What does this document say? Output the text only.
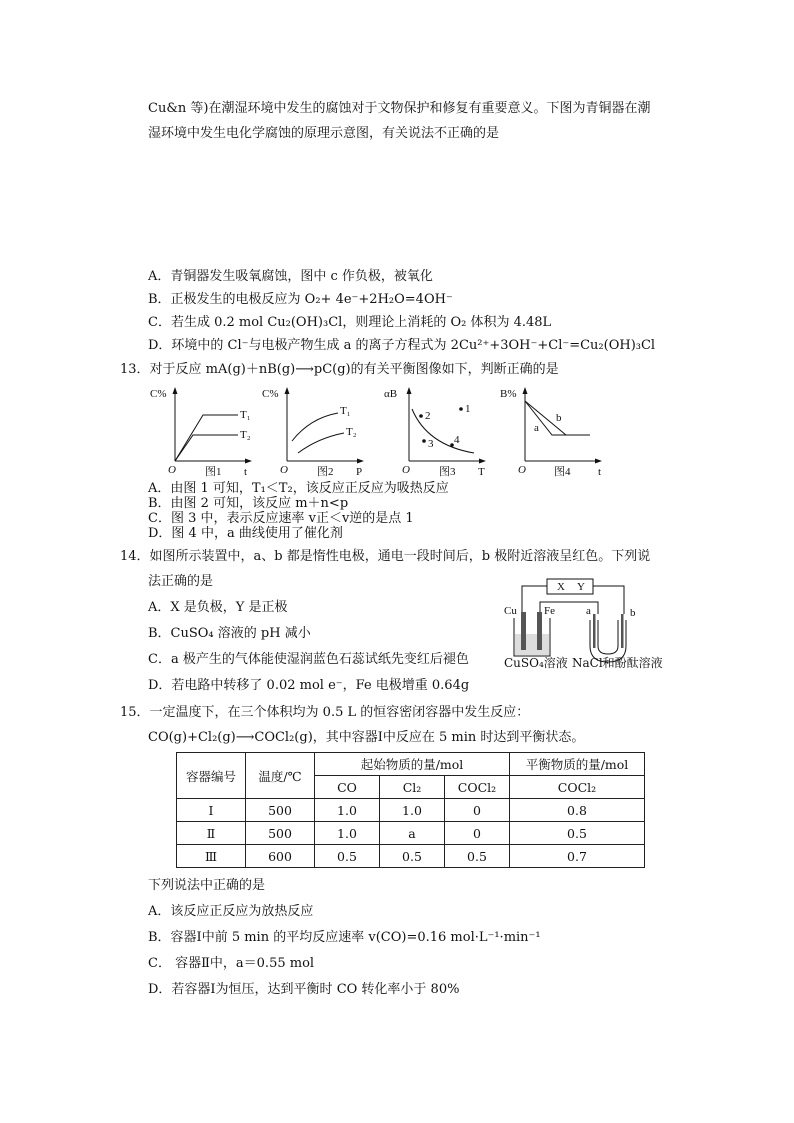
Cu&n 等)在潮湿环境中发生的腐蚀对于文物保护和修复有重要意义。下图为青铜器在潮
湿环境中发生电化学腐蚀的原理示意图，有关说法不正确的是
A．青铜器发生吸氧腐蚀，图中 c 作负极，被氧化
B．正极发生的电极反应为 O₂+ 4e⁻+2H₂O=4OH⁻
C．若生成 0.2 mol Cu₂(OH)₃Cl，则理论上消耗的 O₂ 体积为 4.48L
D．环境中的 Cl⁻与电极产物生成 a 的离子方程式为 2Cu²⁺+3OH⁻+Cl⁻=Cu₂(OH)₃Cl
13．对于反应 mA(g)＋nB(g)⟶pC(g)的有关平衡图像如下，判断正确的是
C%
O	t
T₁
T₂
图1
C%
O	P
T₁
T₂
图2
αB
O	T
2
1
3 4
图3
B%
O	t
a
b
图4
A．由图 1 可知，T₁＜T₂，该反应正反应为吸热反应
B．由图 2 可知，该反应 m＋n<p
C．图 3 中，表示反应速率 v正＜v逆的是点 1
D．图 4 中，a 曲线使用了催化剂
14．如图所示装置中，a、b 都是惰性电极，通电一段时间后，b 极附近溶液呈红色。下列说
法正确的是
A．X 是负极，Y 是正极
B．CuSO₄ 溶液的 pH 减小
C．a 极产生的气体能使湿润蓝色石蕊试纸先变红后褪色
D．若电路中转移了 0.02 mol e⁻，Fe 电极增重 0.64g
X Y
Cu Fe	a	b
CuSO₄溶液 NaCl和酚酞溶液
15．一定温度下，在三个体积均为 0.5 L 的恒容密闭容器中发生反应：
CO(g)+Cl₂(g)⟶COCl₂(g)，其中容器Ⅰ中反应在 5 min 时达到平衡状态。
容器编号	温度/℃	起始物质的量/mol			平衡物质的量/mol
		CO	Cl₂	COCl₂	COCl₂
Ⅰ	500	1.0	1.0	0	0.8
Ⅱ	500	1.0	a	0	0.5
Ⅲ	600	0.5	0.5	0.5	0.7
下列说法中正确的是
A．该反应正反应为放热反应
B．容器Ⅰ中前 5 min 的平均反应速率 v(CO)=0.16 mol·L⁻¹·min⁻¹
C． 容器Ⅱ中，a＝0.55 mol
D．若容器Ⅰ为恒压，达到平衡时 CO 转化率小于 80%
